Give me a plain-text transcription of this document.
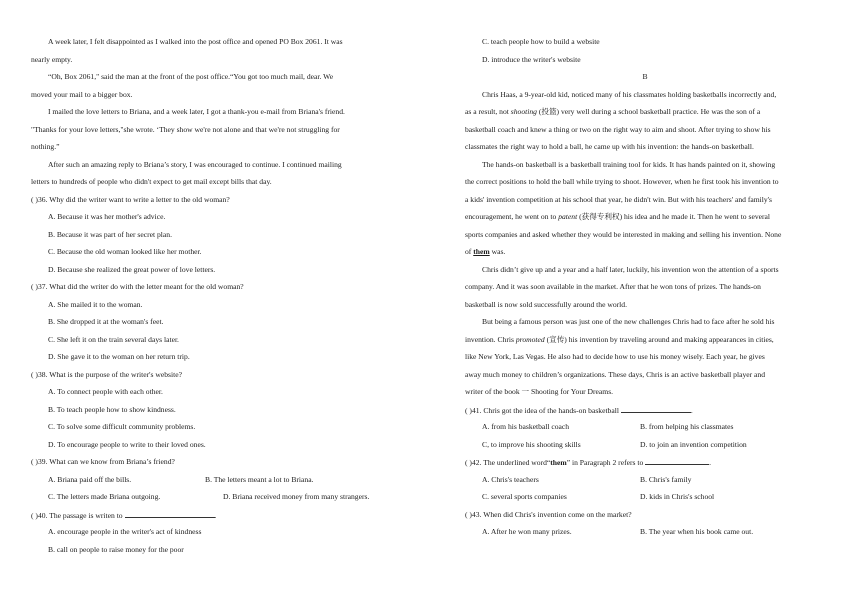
A week later, I felt disappointed as I walked into the post office and opened PO Box 2061. It was
nearly empty.
“Oh, Box 2061," said the man at the front of the post office.“You got too much mail, dear. We
moved your mail to a bigger box.
I mailed the love letters to Briana, and a week later, I got a thank-you e-mail from Briana's friend.
"Thanks for your love letters,"she wrote. ‘They show we're not alone and that we're not struggling for
nothing.”
After such an amazing reply to Briana’s story, I was encouraged to continue. I continued mailing
letters to hundreds of people who didn't expect to get mail except bills that day.
( )36. Why did the writer want to write a letter to the old woman?
A. Because it was her mother's advice.
B. Because it was part of her secret plan.
C. Because the old woman looked like her mother.
D. Because she realized the great power of love letters.
( )37. What did the writer do with the letter meant for the old woman?
A. She mailed it to the woman.
B. She dropped it at the woman's feet.
C. She left it on the train several days later.
D. She gave it to the woman on her return trip.
( )38. What is the purpose of the writer's website?
A. To connect people with each other.
B. To teach people how to show kindness.
C. To solve some difficult community problems.
D. To encourage people to write to their loved ones.
( )39. What can we know from Briana’s friend?
A. Briana paid off the bills.	B. The letters meant a lot to Briana.
C. The letters made Briana outgoing.	D. Briana received money from many strangers.
( )40. The passage is writen to	.
A. encourage people in the writer's act of kindness
B. call on people to raise money for the poor
C. teach people how to build a website
D. introduce the writer's website
B
Chris Haas, a 9-year-old kid, noticed many of his classmates holding basketballs incorrectly and,
as a result, not shooting (投篮) very well during a school basketball practice. He was the son of a
basketball coach and knew a thing or two on the right way to aim and shoot. After trying to show his
classmates the right way to hold a ball, he came up with his invention: the hands-on basketball.
The hands-on basketball is a basketball training tool for kids. It has hands painted on it, showing
the correct positions to hold the ball while trying to shoot. However, when he first took his invention to
a kids' invention competition at his school that year, he didn't win. But with his teachers' and family's
encouragement, he went on to patent (获得专利权) his idea and he made it. Then he went to several
sports companies and asked whether they would be interested in making and selling his invention. None
of them was.
Chris didn’t give up and a year and a half later, luckily, his invention won the attention of a sports
company. And it was soon available in the market. After that he won tons of prizes. The hands-on
basketball is now sold successfully around the world.
But being a famous person was just one of the new challenges Chris had to face after he sold his
invention. Chris promoted (宣传) his invention by traveling around and making appearances in cities,
like New York, Las Vegas. He also had to decide how to use his money wisely. Each year, he gives
away much money to children’s organizations. These days, Chris is an active basketball player and
writer of the book 一 Shooting for Your Dreams.
( )41. Chris got the idea of the hands-on basketball	.
A. from his basketball coach	B. from helping his classmates
C, to improve his shooting skills	D. to join an invention competition
( )42. The underlined word“them” in Paragraph 2 refers to	.
A. Chris's teachers	B. Chris's family
C. several sports companies	D. kids in Chris's school
( )43. When did Chris's invention come on the market?
A. After he won many prizes.	B. The year when his book came out.
